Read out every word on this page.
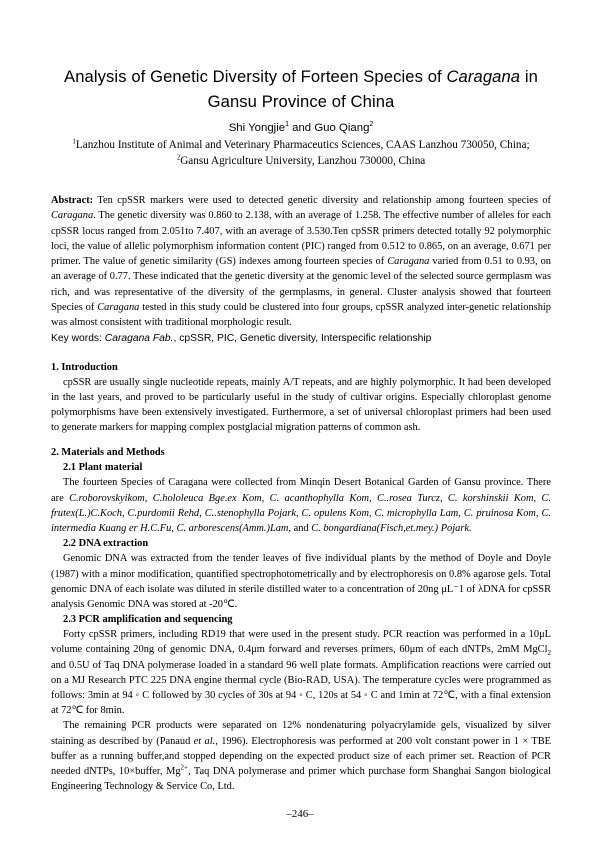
Analysis of Genetic Diversity of Forteen Species of Caragana in
Gansu Province of China
Shi Yongjie$^1$ and Guo Qiang$^2$
$^1$Lanzhou Institute of Animal and Veterinary Pharmaceutics Sciences, CAAS Lanzhou 730050, China;
$^2$Gansu Agriculture University, Lanzhou 730000, China
Abstract: Ten cpSSR markers were used to detected genetic diversity and relationship among fourteen species of Caragana. The genetic diversity was 0.860 to 2.138, with an average of 1.258. The effective number of alleles for each cpSSR locus ranged from 2.051to 7.407, with an average of 3.530.Ten cpSSR primers detected totally 92 polymorphic loci, the value of allelic polymorphism information content (PIC) ranged from 0.512 to 0.865, on an average, 0.671 per primer. The value of genetic similarity (GS) indexes among fourteen species of Caragana varied from 0.51 to 0.93, on an average of 0.77. These indicated that the genetic diversity at the genomic level of the selected source germplasm was rich, and was representative of the diversity of the germplasms, in general. Cluster analysis showed that fourteen Species of Caragana tested in this study could be clustered into four groups, cpSSR analyzed inter-genetic relationship was almost consistent with traditional morphologic result.
Key words: Caragana Fab., cpSSR, PIC, Genetic diversity, Interspecific relationship
1. Introduction

cpSSR are usually single nucleotide repeats, mainly A/T repeats, and are highly polymorphic. It had been developed in the last years, and proved to be particularly useful in the study of cultivar origins. Especially chloroplast genome polymorphisms have been extensively investigated. Furthermore, a set of universal chloroplast primers had been used to generate markers for mapping complex postglacial migration patterns of common ash.

2. Materials and Methods
2.1 Plant material

The fourteen Species of Caragana were collected from Minqin Desert Botanical Garden of Gansu province. There are C.roborovskyikom, C.hololeuca Bge.ex Kom, C. acanthophylla Kom, C..rosea Turcz, C. korshinskii Kom, C. frutex(L.)C.Koch, C.purdomii Rehd, C..stenophylla Pojark, C. opulens Kom, C. microphylla Lam, C. pruinosa Kom, C. intermedia Kuang er H.C.Fu, C. arborescens(Amm.)Lam, and C. bongardiana(Fisch,et.mey.) Pojark.

2.2 DNA extraction

Genomic DNA was extracted from the tender leaves of five individual plants by the method of Doyle and Doyle (1987) with a minor modification, quantified spectrophotometrically and by electrophoresis on 0.8% agarose gels. Total genomic DNA of each isolate was diluted in sterile distilled water to a concentration of 20ng μL⁻1 of λDNA for cpSSR analysis Genomic DNA was stored at -20℃.

2.3 PCR amplification and sequencing

Forty cpSSR primers, including RD19 that were used in the present study. PCR reaction was performed in a 10μL volume containing 20ng of genomic DNA, 0.4μm forward and reverses primers, 60μm of each dNTPs, 2mM MgCl$_2$ and 0.5U of Taq DNA polymerase loaded in a standard 96 well plate formats. Amplification reactions were carried out on a MJ Research PTC 225 DNA engine thermal cycle (Bio-RAD, USA). The temperature cycles were programmed as follows: 3min at 94 ◦ C followed by 30 cycles of 30s at 94 ◦ C, 120s at 54 ◦ C and 1min at 72℃, with a final extension at 72℃ for 8min.

The remaining PCR products were separated on 12% nondenaturing polyacrylamide gels, visualized by silver staining as described by (Panaud et al., 1996). Electrophoresis was performed at 200 volt constant power in 1 × TBE buffer as a running buffer,and stopped depending on the expected product size of each primer set. Reaction of PCR needed dNTPs, 10×buffer, $Mg^{2+}$, Taq DNA polymerase and primer which purchase form Shanghai Sangon biological Engineering Technology & Service Co, Ltd.

–246–
